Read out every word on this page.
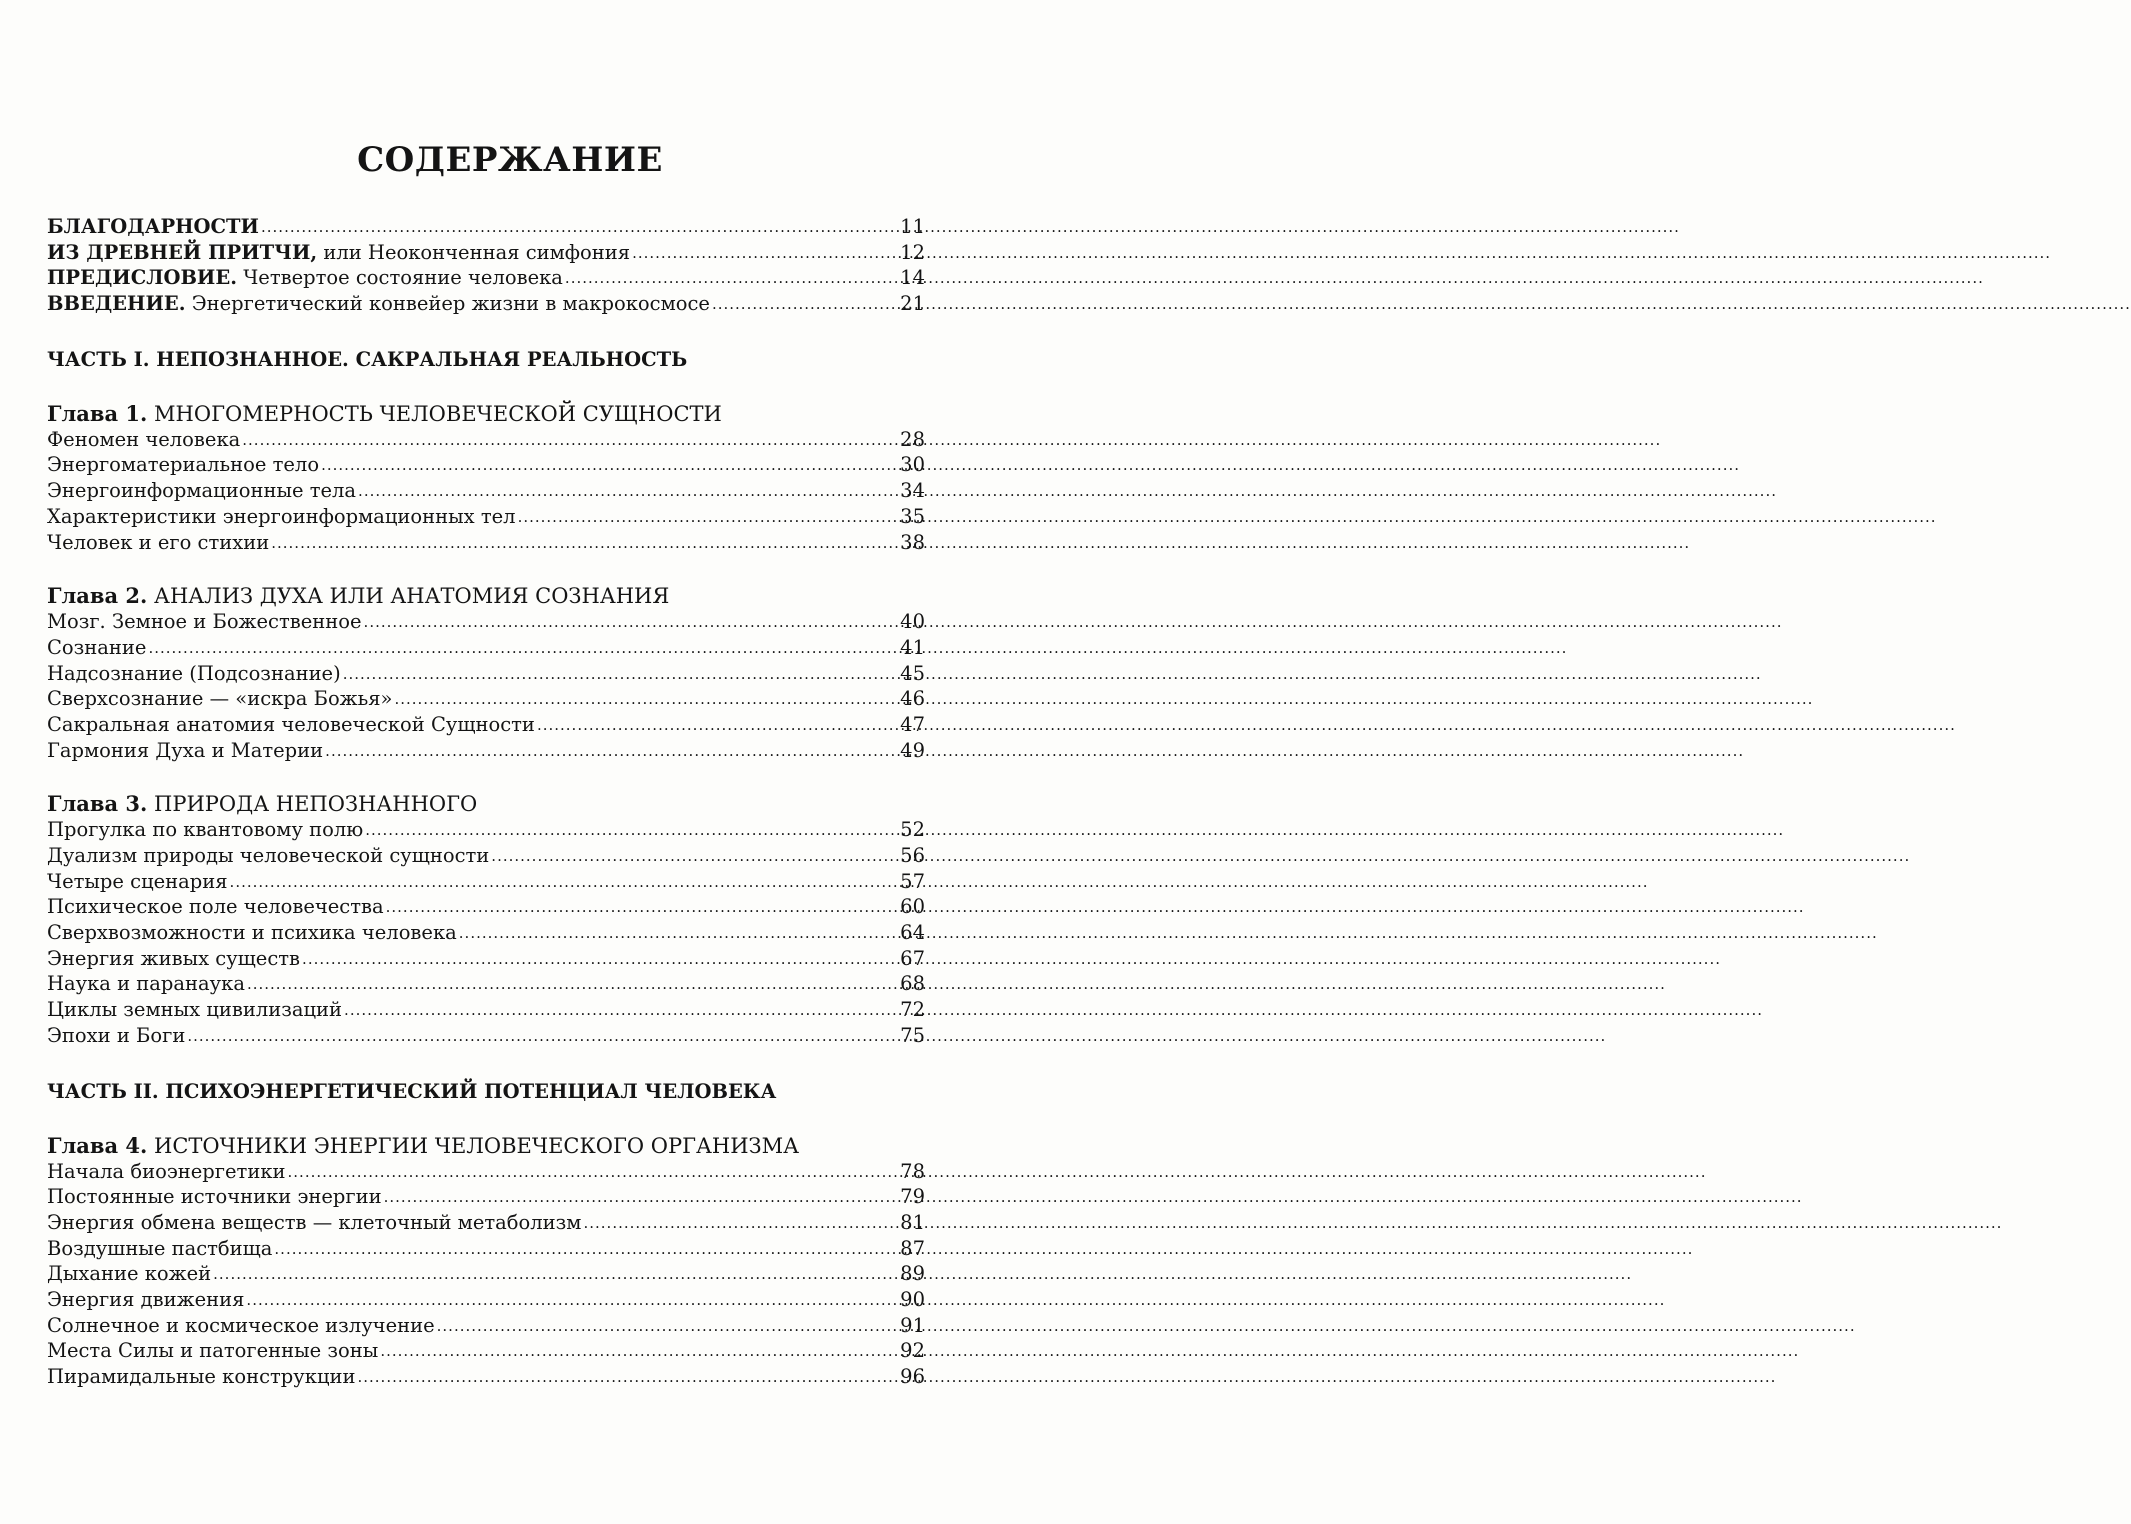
СОДЕРЖАНИЕ
БЛАГОДАРНОСТИ .....	11
ИЗ ДРЕВНЕЙ ПРИТЧИ, или Неоконченная симфония .....	12
ПРЕДИСЛОВИЕ. Четвертое состояние человека .....	14
ВВЕДЕНИЕ. Энергетический конвейер жизни в макрокосмосе .....	21
ЧАСТЬ I. НЕПОЗНАННОЕ. САКРАЛЬНАЯ РЕАЛЬНОСТЬ
Глава 1. МНОГОМЕРНОСТЬ ЧЕЛОВЕЧЕСКОЙ СУЩНОСТИ
Феномен человека .....	28
Энергоматериальное тело .....	30
Энергоинформационные тела .....	34
Характеристики энергоинформационных тел .....	35
Человек и его стихии .....	38
Глава 2. АНАЛИЗ ДУХА ИЛИ АНАТОМИЯ СОЗНАНИЯ
Мозг. Земное и Божественное .....	40
Сознание .....	41
Надсознание (Подсознание) .....	45
Сверхсознание — «искра Божья» .....	46
Сакральная анатомия человеческой Сущности .....	47
Гармония Духа и Материи .....	49
Глава 3. ПРИРОДА НЕПОЗНАННОГО
Прогулка по квантовому полю .....	52
Дуализм природы человеческой сущности .....	56
Четыре сценария .....	57
Психическое поле человечества .....	60
Сверхвозможности и психика человека .....	64
Энергия живых существ .....	67
Наука и паранаука .....	68
Циклы земных цивилизаций .....	72
Эпохи и Боги .....	75
ЧАСТЬ II. ПСИХОЭНЕРГЕТИЧЕСКИЙ ПОТЕНЦИАЛ ЧЕЛОВЕКА
Глава 4. ИСТОЧНИКИ ЭНЕРГИИ ЧЕЛОВЕЧЕСКОГО ОРГАНИЗМА
Начала биоэнергетики .....	78
Постоянные источники энергии .....	79
Энергия обмена веществ — клеточный метаболизм .....	81
Воздушные пастбища .....	87
Дыхание кожей .....	89
Энергия движения .....	90
Солнечное и космическое излучение .....	91
Места Силы и патогенные зоны .....	92
Пирамидальные конструкции .....	96
